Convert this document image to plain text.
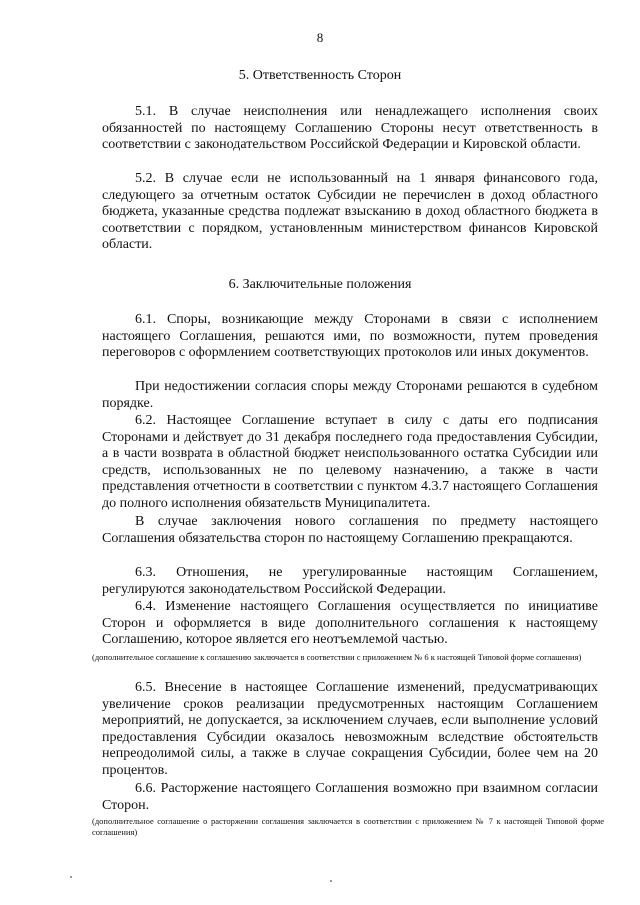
8
5. Ответственность Сторон
5.1. В случае неисполнения или ненадлежащего исполнения своих обязанностей по настоящему Соглашению Стороны несут ответственность в соответствии с законодательством Российской Федерации и Кировской области.
5.2. В случае если не использованный на 1 января финансового года, следующего за отчетным остаток Субсидии не перечислен в доход областного бюджета, указанные средства подлежат взысканию в доход областного бюджета в соответствии с порядком, установленным министерством финансов Кировской области.
6. Заключительные положения
6.1. Споры, возникающие между Сторонами в связи с исполнением настоящего Соглашения, решаются ими, по возможности, путем проведения переговоров с оформлением соответствующих протоколов или иных документов.
При недостижении согласия споры между Сторонами решаются в судебном порядке.
6.2. Настоящее Соглашение вступает в силу с даты его подписания Сторонами и действует до 31 декабря последнего года предоставления Субсидии, а в части возврата в областной бюджет неиспользованного остатка Субсидии или средств, использованных не по целевому назначению, а также в части представления отчетности в соответствии с пунктом 4.3.7 настоящего Соглашения до полного исполнения обязательств Муниципалитета.
В случае заключения нового соглашения по предмету настоящего Соглашения обязательства сторон по настоящему Соглашению прекращаются.
6.3. Отношения, не урегулированные настоящим Соглашением, регулируются законодательством Российской Федерации.
6.4. Изменение настоящего Соглашения осуществляется по инициативе Сторон и оформляется в виде дополнительного соглашения к настоящему Соглашению, которое является его неотъемлемой частью.
(дополнительное соглашение к соглашению заключается в соответствии с приложением № 6 к настоящей Типовой форме соглашения)
6.5. Внесение в настоящее Соглашение изменений, предусматривающих увеличение сроков реализации предусмотренных настоящим Соглашением мероприятий, не допускается, за исключением случаев, если выполнение условий предоставления Субсидии оказалось невозможным вследствие обстоятельств непреодолимой силы, а также в случае сокращения Субсидии, более чем на 20 процентов.
6.6. Расторжение настоящего Соглашения возможно при взаимном согласии Сторон.
(дополнительное соглашение о расторжении соглашения заключается в соответствии с приложением № 7 к настоящей Типовой форме соглашения)
